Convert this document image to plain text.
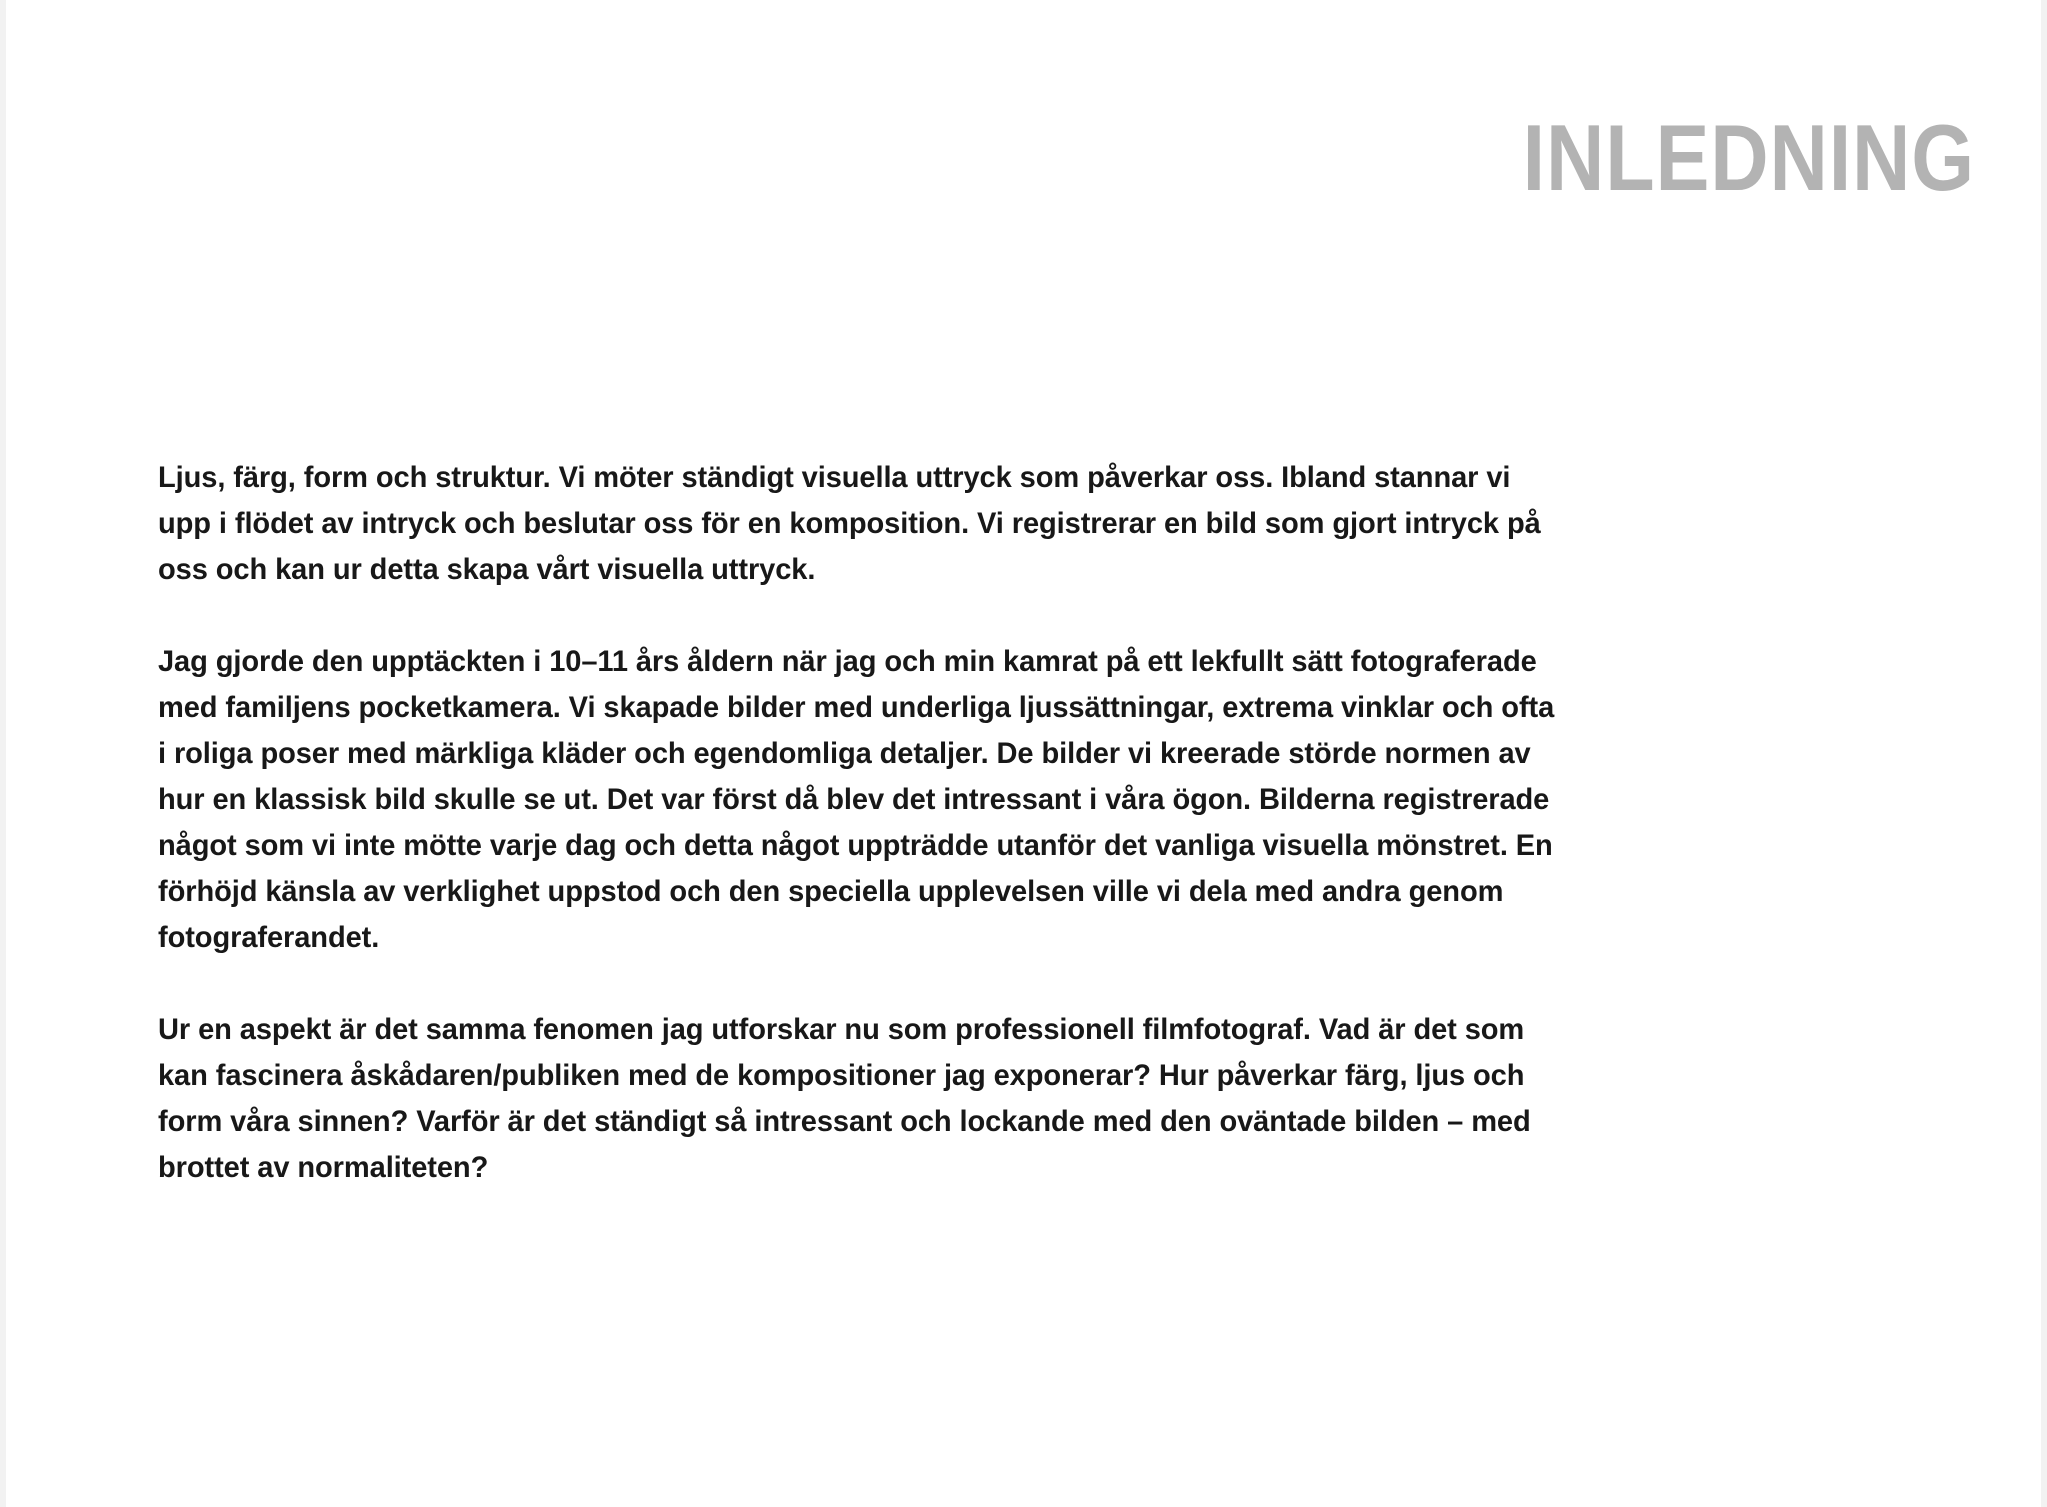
INLEDNING

Ljus, färg, form och struktur. Vi möter ständigt visuella uttryck som påverkar oss. Ibland stannar vi upp i flödet av intryck och beslutar oss för en komposition. Vi registrerar en bild som gjort intryck på oss och kan ur detta skapa vårt visuella uttryck.

Jag gjorde den upptäckten i 10–11 års åldern när jag och min kamrat på ett lekfullt sätt fotograferade med familjens pocketkamera. Vi skapade bilder med underliga ljussättningar, extrema vinklar och ofta i roliga poser med märkliga kläder och egendomliga detaljer. De bilder vi kreerade störde normen av hur en klassisk bild skulle se ut. Det var först då blev det intressant i våra ögon. Bilderna registrerade något som vi inte mötte varje dag och detta något uppträdde utanför det vanliga visuella mönstret. En förhöjd känsla av verklighet uppstod och den speciella upplevelsen ville vi dela med andra genom fotograferandet.

Ur en aspekt är det samma fenomen jag utforskar nu som professionell filmfotograf. Vad är det som kan fascinera åskådaren/publiken med de kompositioner jag exponerar? Hur påverkar färg, ljus och form våra sinnen? Varför är det ständigt så intressant och lockande med den oväntade bilden – med brottet av normaliteten?
